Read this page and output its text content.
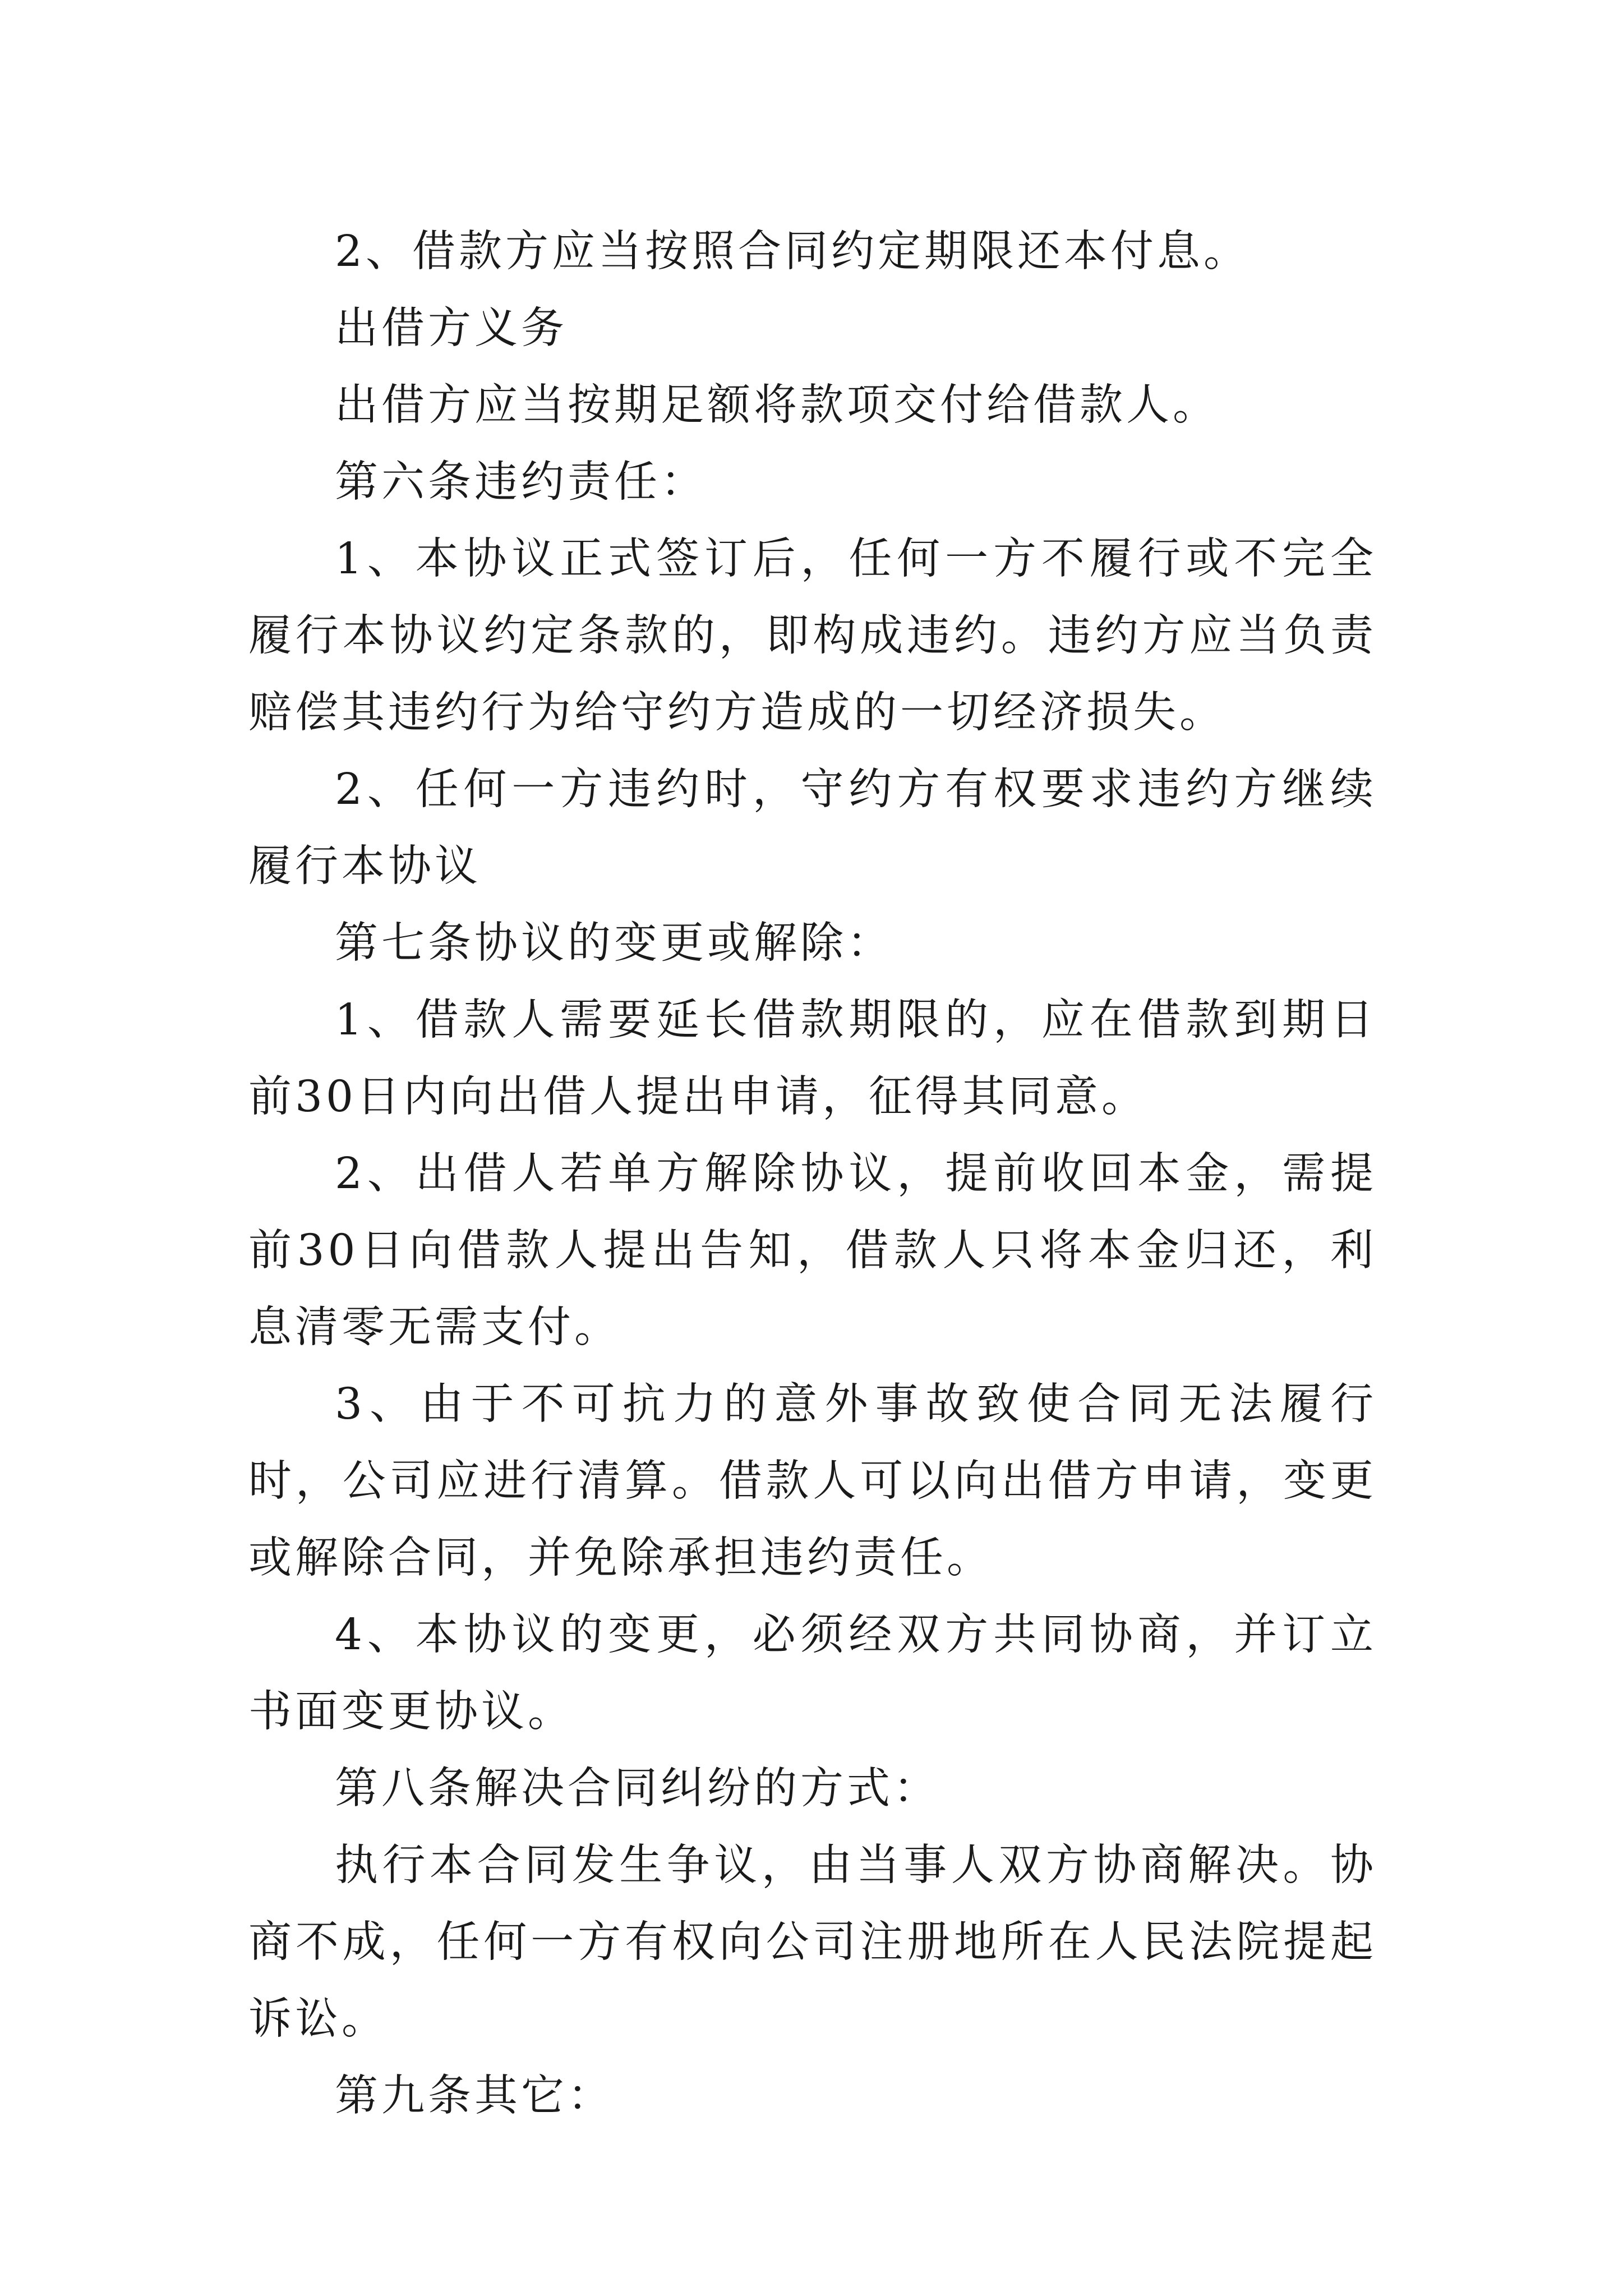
2、借款方应当按照合同约定期限还本付息。

出借方义务

出借方应当按期足额将款项交付给借款人。

第六条违约责任：

1、本协议正式签订后，任何一方不履行或不完全履行本协议约定条款的，即构成违约。违约方应当负责赔偿其违约行为给守约方造成的一切经济损失。

2、任何一方违约时，守约方有权要求违约方继续履行本协议

第七条协议的变更或解除：

1、借款人需要延长借款期限的，应在借款到期日前30日内向出借人提出申请，征得其同意。

2、出借人若单方解除协议，提前收回本金，需提前30日向借款人提出告知，借款人只将本金归还，利息清零无需支付。

3、由于不可抗力的意外事故致使合同无法履行时，公司应进行清算。借款人可以向出借方申请，变更或解除合同，并免除承担违约责任。

4、本协议的变更，必须经双方共同协商，并订立书面变更协议。

第八条解决合同纠纷的方式：

执行本合同发生争议，由当事人双方协商解决。协商不成，任何一方有权向公司注册地所在人民法院提起诉讼。

第九条其它：
